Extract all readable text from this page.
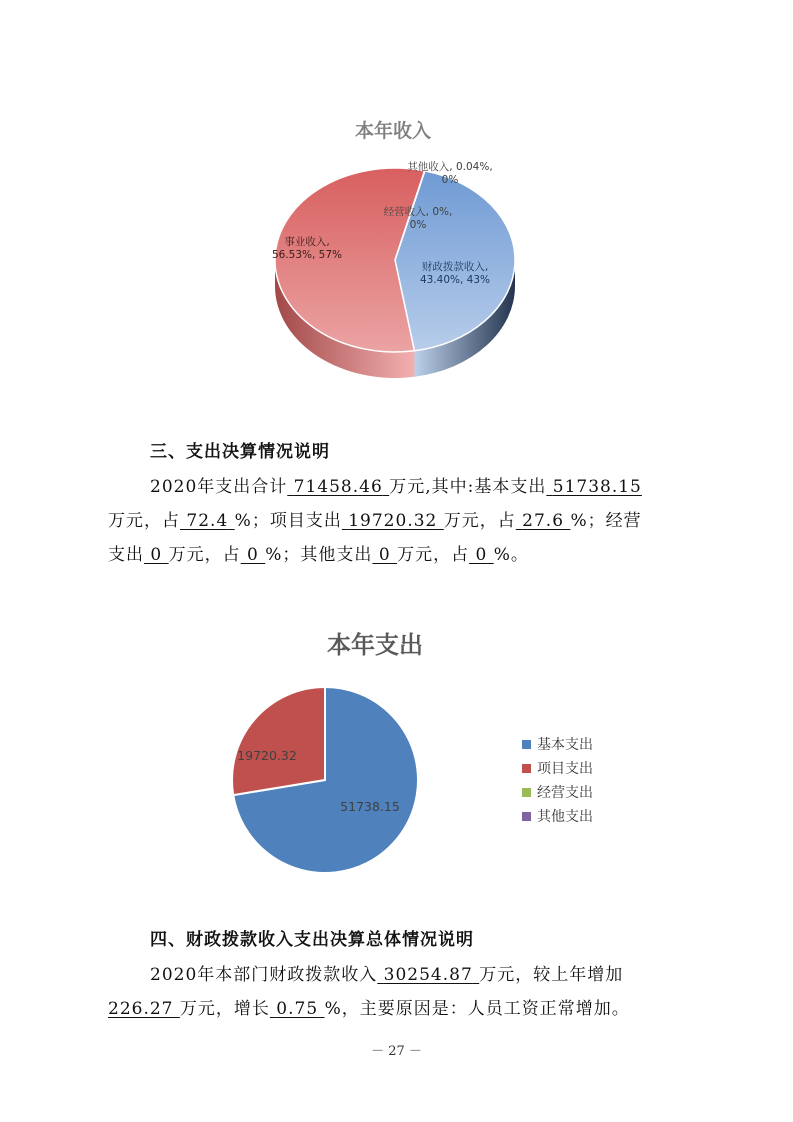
本年收入
财政拨款收入, 43.40%, 43%
事业收入, 56.53%, 57%
经营收入, 0%, 0%
其他收入, 0.04%, 0%
三、支出决算情况说明
2020年支出合计 71458.46 万元,其中:基本支出 51738.15
万元，占 72.4 %；项目支出 19720.32 万元，占 27.6 %；经营
支出 0 万元，占 0 %；其他支出 0 万元，占 0 %。
本年支出
51738.15
19720.32
基本支出
项目支出
经营支出
其他支出
四、财政拨款收入支出决算总体情况说明
2020年本部门财政拨款收入 30254.87 万元，较上年增加
226.27 万元，增长 0.75 %，主要原因是：人员工资正常增加。
－ 27 －
